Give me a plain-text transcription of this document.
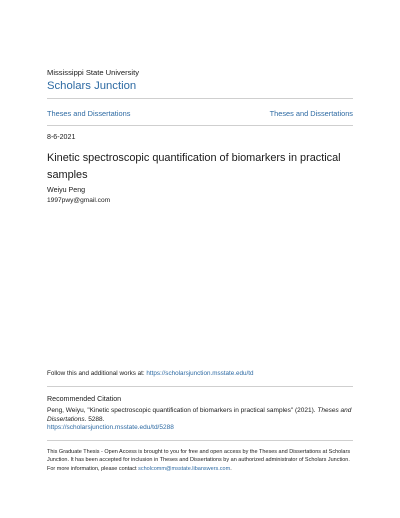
Mississippi State University
Scholars Junction
Theses and Dissertations	Theses and Dissertations
8-6-2021
Kinetic spectroscopic quantification of biomarkers in practical samples
Weiyu Peng
1997pwy@gmail.com
Follow this and additional works at: https://scholarsjunction.msstate.edu/td
Recommended Citation
Peng, Weiyu, "Kinetic spectroscopic quantification of biomarkers in practical samples" (2021). Theses and Dissertations. 5288.
https://scholarsjunction.msstate.edu/td/5288
This Graduate Thesis - Open Access is brought to you for free and open access by the Theses and Dissertations at Scholars Junction. It has been accepted for inclusion in Theses and Dissertations by an authorized administrator of Scholars Junction. For more information, please contact scholcomm@msstate.libanswers.com.
